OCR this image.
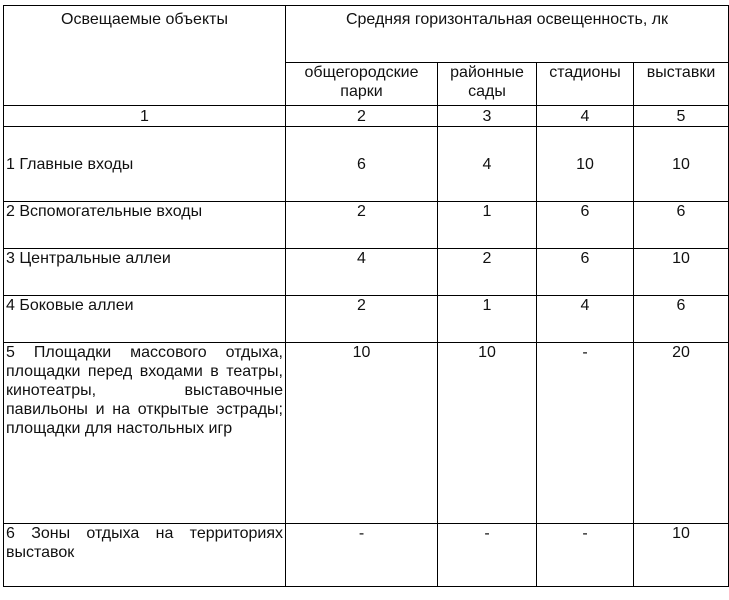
Освещаемые объекты	Средняя горизонтальная освещенность, лк			
	общегородские парки	районные сады	стадионы	выставки
1	2	3	4	5
1 Главные входы	6	4	10	10
2 Вспомогательные входы	2	1	6	6
3 Центральные аллеи	4	2	6	10
4 Боковые аллеи	2	1	4	6
5 Площадки массового отдыха, площадки перед входами в театры, кинотеатры, выставочные павильоны и на открытые эстрады; площадки для настольных игр	10	10	-	20
6 Зоны отдыха на территориях выставок	-	-	-	10
